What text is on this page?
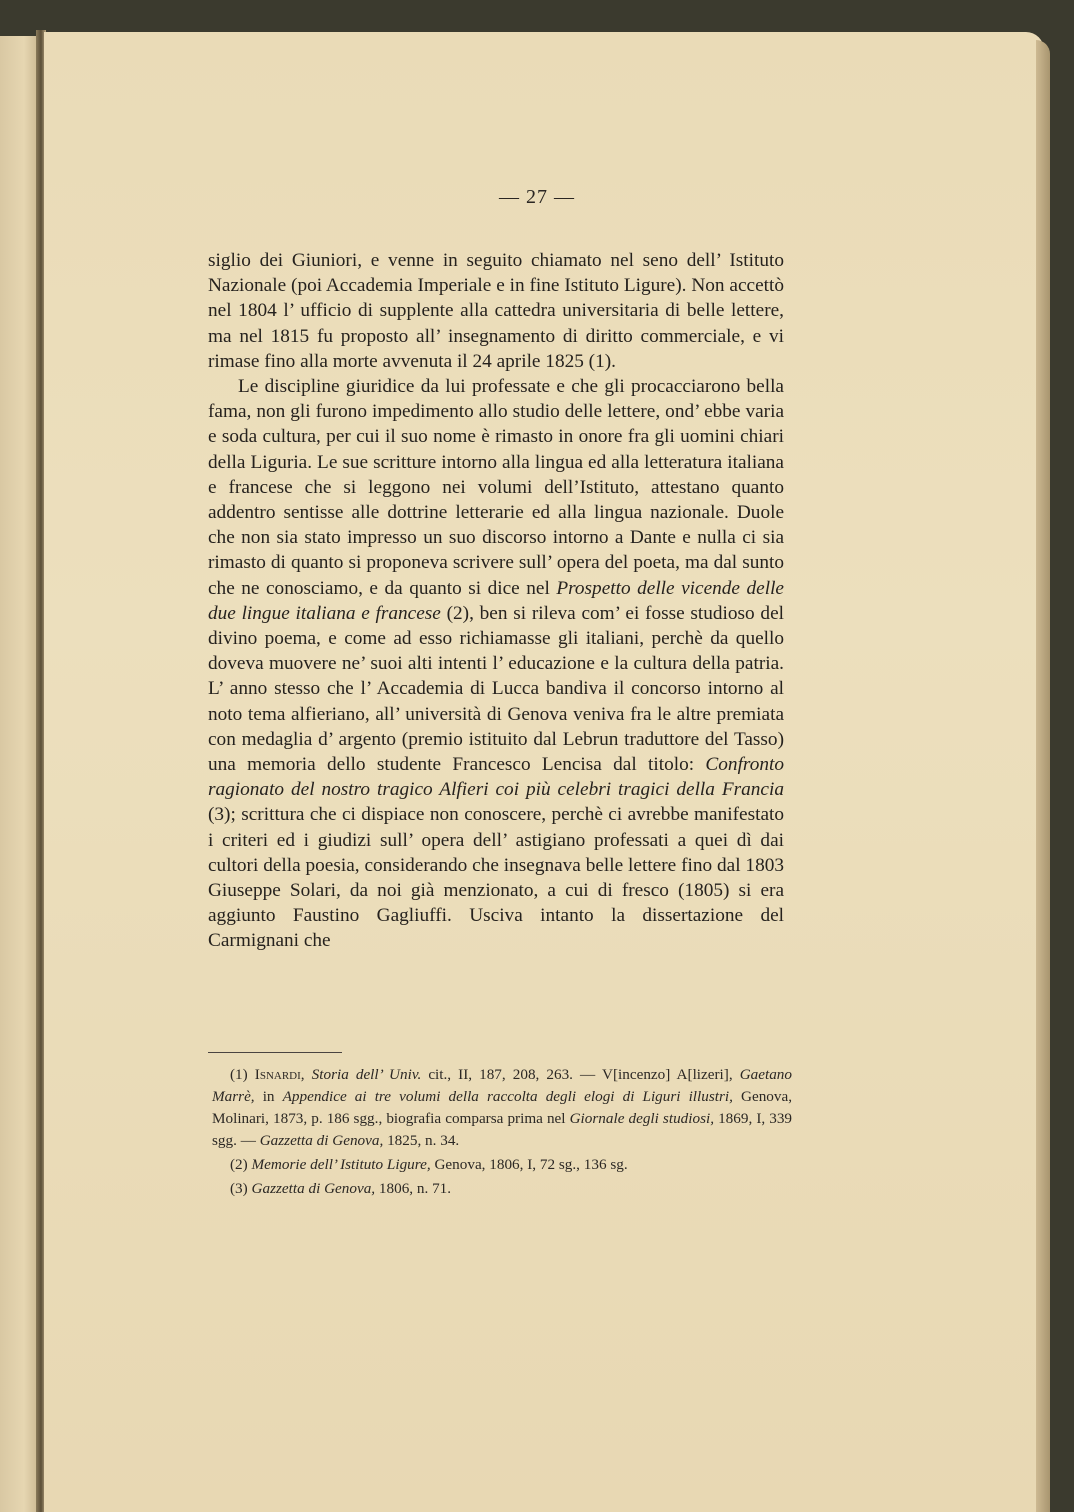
— 27 —

siglio dei Giuniori, e venne in seguito chiamato nel seno dell’ Istituto Nazionale (poi Accademia Imperiale e in fine Istituto Ligure). Non accettò nel 1804 l’ ufficio di supplente alla cattedra universitaria di belle lettere, ma nel 1815 fu proposto all’ insegnamento di diritto commerciale, e vi rimase fino alla morte avvenuta il 24 aprile 1825 (1).

Le discipline giuridice da lui professate e che gli procacciarono bella fama, non gli furono impedimento allo studio delle lettere, ond’ ebbe varia e soda cultura, per cui il suo nome è rimasto in onore fra gli uomini chiari della Liguria. Le sue scritture intorno alla lingua ed alla letteratura italiana e francese che si leggono nei volumi dell’Istituto, attestano quanto addentro sentisse alle dottrine letterarie ed alla lingua nazionale. Duole che non sia stato impresso un suo discorso intorno a Dante e nulla ci sia rimasto di quanto si proponeva scrivere sull’ opera del poeta, ma dal sunto che ne conosciamo, e da quanto si dice nel Prospetto delle vicende delle due lingue italiana e francese (2), ben si rileva com’ ei fosse studioso del divino poema, e come ad esso richiamasse gli italiani, perchè da quello doveva muovere ne’ suoi alti intenti l’ educazione e la cultura della patria. L’ anno stesso che l’ Accademia di Lucca bandiva il concorso intorno al noto tema alfieriano, all’ università di Genova veniva fra le altre premiata con medaglia d’ argento (premio istituito dal Lebrun traduttore del Tasso) una memoria dello studente Francesco Lencisa dal titolo: Confronto ragionato del nostro tragico Alfieri coi più celebri tragici della Francia (3); scrittura che ci dispiace non conoscere, perchè ci avrebbe manifestato i criteri ed i giudizi sull’ opera dell’ astigiano professati a quei dì dai cultori della poesia, considerando che insegnava belle lettere fino dal 1803 Giuseppe Solari, da noi già menzionato, a cui di fresco (1805) si era aggiunto Faustino Gagliuffi. Usciva intanto la dissertazione del Carmignani che

(1) Isnardi, Storia dell’ Univ. cit., II, 187, 208, 263. — V[incenzo] A[lizeri], Gaetano Marrè, in Appendice ai tre volumi della raccolta degli elogi di Liguri illustri, Genova, Molinari, 1873, p. 186 sgg., biografia comparsa prima nel Giornale degli studiosi, 1869, I, 339 sgg. — Gazzetta di Genova, 1825, n. 34.

(2) Memorie dell’ Istituto Ligure, Genova, 1806, I, 72 sg., 136 sg.

(3) Gazzetta di Genova, 1806, n. 71.
